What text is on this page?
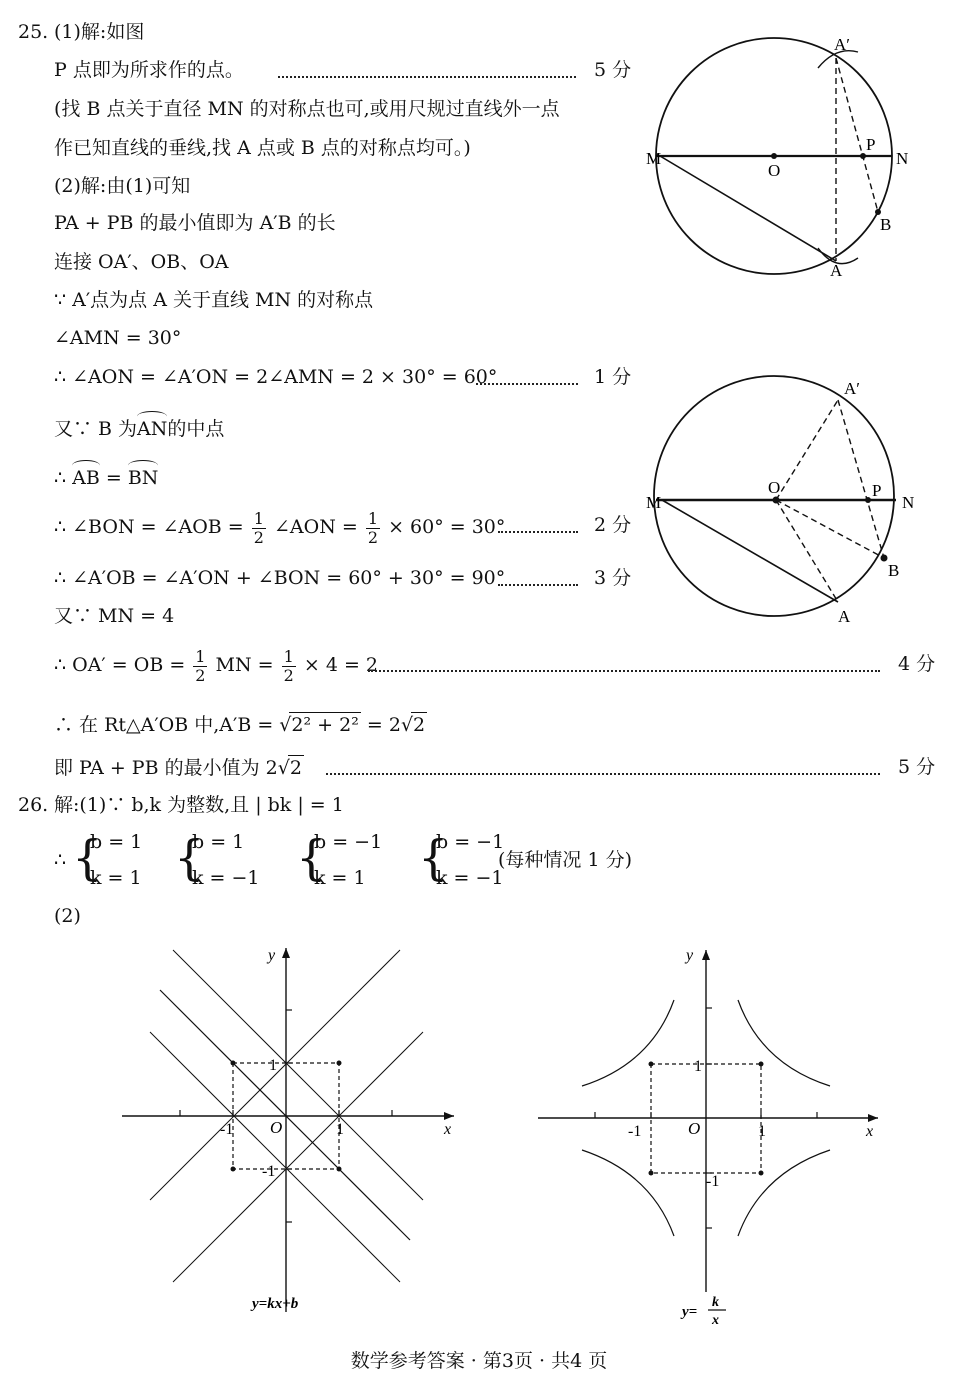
25. (1)解:如图
P 点即为所求作的点。	5 分
(找 B 点关于直径 MN 的对称点也可,或用尺规过直线外一点
作已知直线的垂线,找 A 点或 B 点的对称点均可。)
(2)解:由(1)可知
PA + PB 的最小值即为 A′B 的长
连接 OA′、OB、OA
∵ A′点为点 A 关于直线 MN 的对称点
∠AMN = 30°
∴ ∠AON = ∠A′ON = 2∠AMN = 2 × 30° = 60°	1 分
又∵ B 为AN的中点
∴ AB = BN
∴ ∠BON = ∠AOB = $\frac{1}{2}$ ∠AON = $\frac{1}{2} \times 60^\circ = 30^\circ$	2 分
∴ ∠A′OB = ∠A′ON + ∠BON = 60° + 30° = 90°	3 分
又∵ MN = 4
∴ OA′ = OB = $\frac{1}{2}$ MN = $\frac{1}{2} \times 4 = 2$	4 分
∴ 在 Rt△A′OB 中,A′B = √2² + 2² = 2√2
即 PA + PB 的最小值为 2√2	5 分
A′
M
O
P
N
B
A
A′
M
O	P
N
B
A
26. 解:(1)∵ b,k 为整数,且 | bk | = 1
∴ {
b = 1
k = 1 {
b = 1
k = −1 {
b = −1
k = 1 {
b = −1
k = −1
(每种情况 1 分)
(2)
y
x
O
1
1
-1
-1
y=kx+b
y
x
O
1
1
-1
-1
y=
k
x
数学参考答案 · 第3页 · 共4 页
